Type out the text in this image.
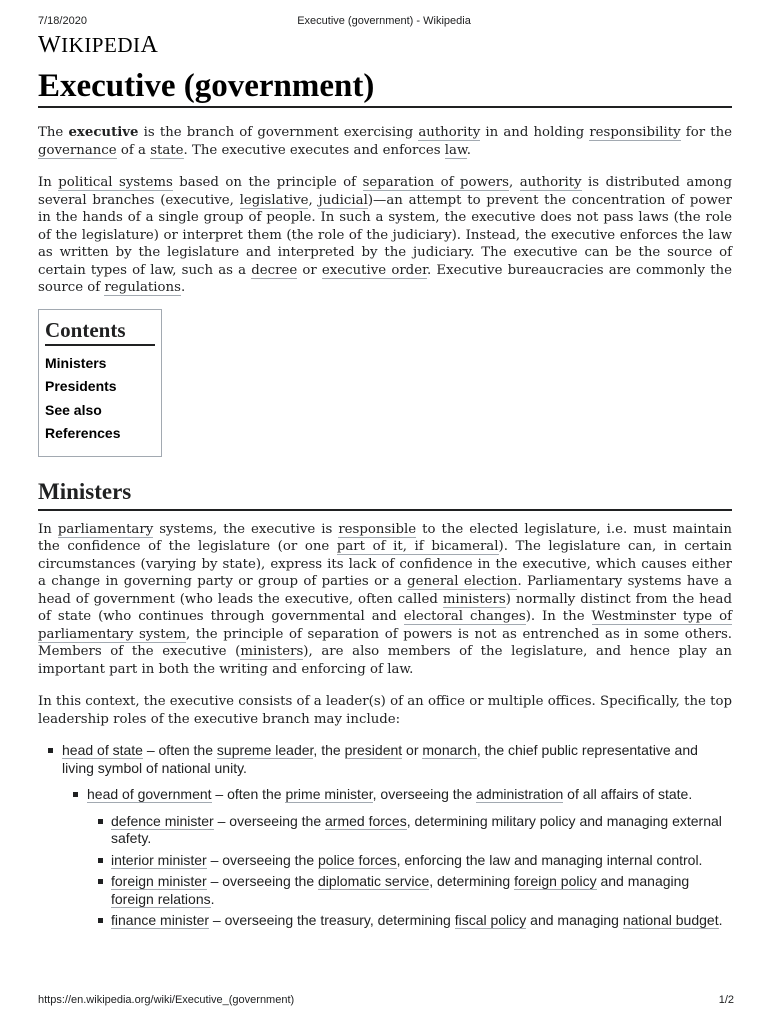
7/18/2020	Executive (government) - Wikipedia
WIKIPEDIA
Executive (government)

The executive is the branch of government exercising authority in and holding responsibility for the governance of a state. The executive executes and enforces law.

In political systems based on the principle of separation of powers, authority is distributed among several branches (executive, legislative, judicial)—an attempt to prevent the concentration of power in the hands of a single group of people. In such a system, the executive does not pass laws (the role of the legislature) or interpret them (the role of the judiciary). Instead, the executive enforces the law as written by the legislature and interpreted by the judiciary. The executive can be the source of certain types of law, such as a decree or executive order. Executive bureaucracies are commonly the source of regulations.

Contents
Ministers
Presidents
See also
References
Ministers

In parliamentary systems, the executive is responsible to the elected legislature, i.e. must maintain the confidence of the legislature (or one part of it, if bicameral). The legislature can, in certain circumstances (varying by state), express its lack of confidence in the executive, which causes either a change in governing party or group of parties or a general election. Parliamentary systems have a head of government (who leads the executive, often called ministers) normally distinct from the head of state (who continues through governmental and electoral changes). In the Westminster type of parliamentary system, the principle of separation of powers is not as entrenched as in some others. Members of the executive (ministers), are also members of the legislature, and hence play an important part in both the writing and enforcing of law.

In this context, the executive consists of a leader(s) of an office or multiple offices. Specifically, the top leadership roles of the executive branch may include:

head of state – often the supreme leader, the president or monarch, the chief public representative and living symbol of national unity.
head of government – often the prime minister, overseeing the administration of all affairs of state.
defence minister – overseeing the armed forces, determining military policy and managing external safety.
interior minister – overseeing the police forces, enforcing the law and managing internal control.
foreign minister – overseeing the diplomatic service, determining foreign policy and managing foreign relations.
finance minister – overseeing the treasury, determining fiscal policy and managing national budget.
https://en.wikipedia.org/wiki/Executive_(government)	1/2
